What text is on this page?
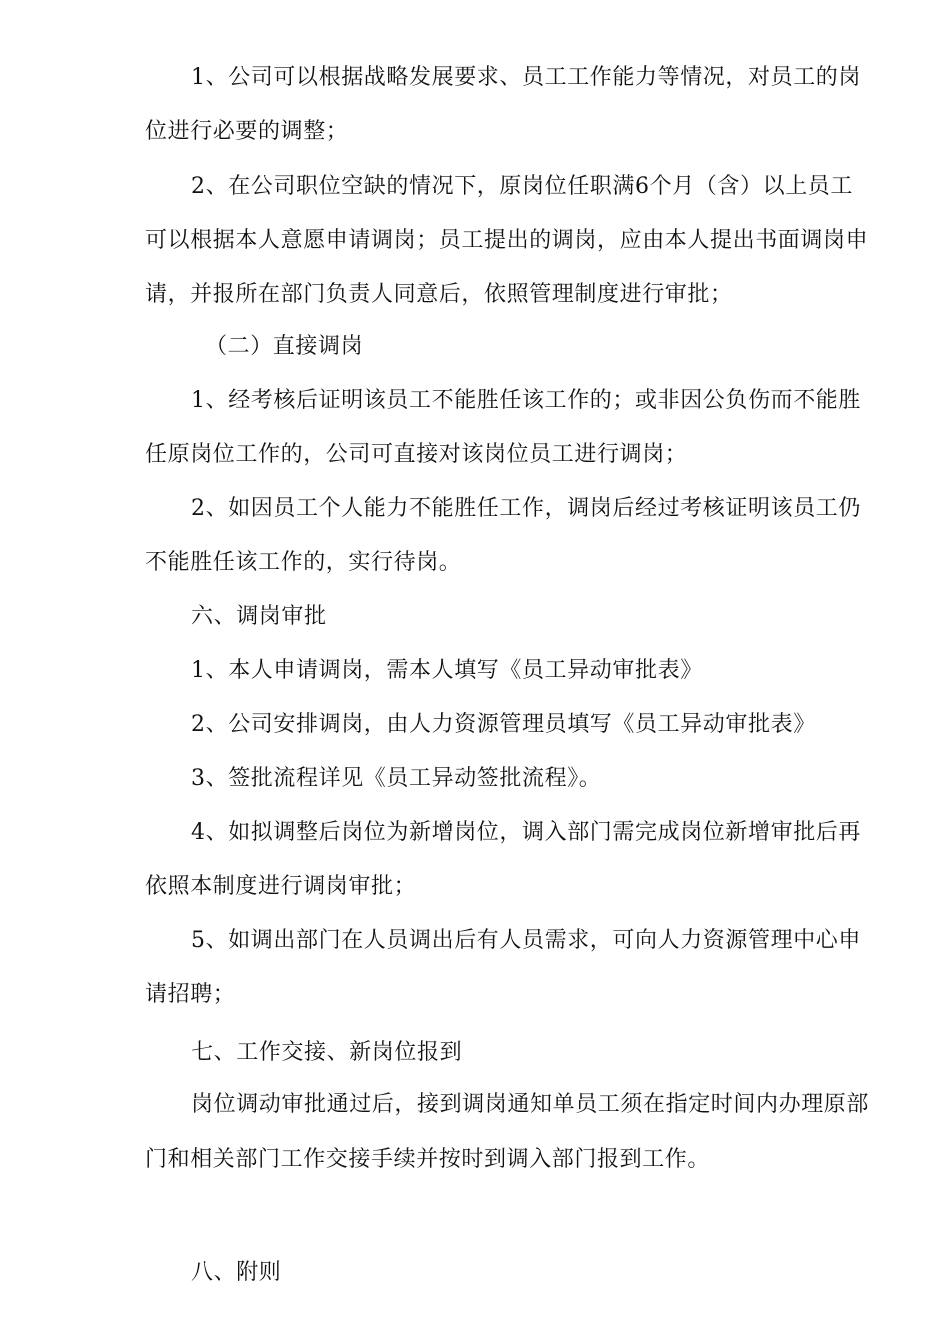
1、公司可以根据战略发展要求、员工工作能力等情况，对员工的岗
位进行必要的调整；
2、在公司职位空缺的情况下，原岗位任职满6个月（含）以上员工
可以根据本人意愿申请调岗；员工提出的调岗，应由本人提出书面调岗申
请，并报所在部门负责人同意后，依照管理制度进行审批；
（二）直接调岗
1、经考核后证明该员工不能胜任该工作的；或非因公负伤而不能胜
任原岗位工作的，公司可直接对该岗位员工进行调岗；
2、如因员工个人能力不能胜任工作，调岗后经过考核证明该员工仍
不能胜任该工作的，实行待岗。
六、调岗审批
1、本人申请调岗，需本人填写《员工异动审批表》
2、公司安排调岗，由人力资源管理员填写《员工异动审批表》
3、签批流程详见《员工异动签批流程》。
4、如拟调整后岗位为新增岗位，调入部门需完成岗位新增审批后再
依照本制度进行调岗审批；
5、如调出部门在人员调出后有人员需求，可向人力资源管理中心申
请招聘；
七、工作交接、新岗位报到
岗位调动审批通过后，接到调岗通知单员工须在指定时间内办理原部
门和相关部门工作交接手续并按时到调入部门报到工作。
八、附则
